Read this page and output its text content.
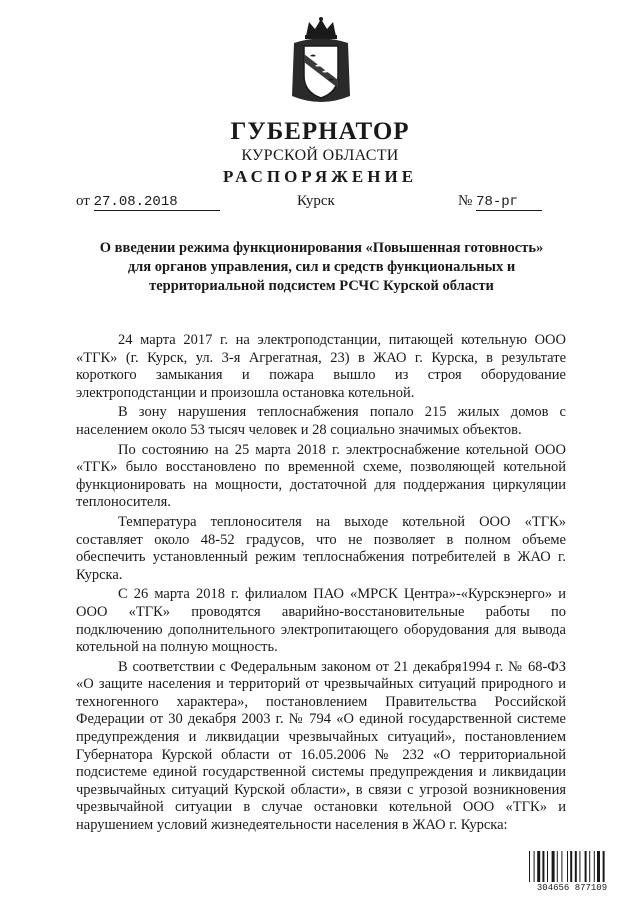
ГУБЕРНАТОР
КУРСКОЙ ОБЛАСТИ
РАСПОРЯЖЕНИЕ
от 27.08.2018	Курск	№ 78-рг
О введении режима функционирования «Повышенная готовность» для органов управления, сил и средств функциональных и территориальной подсистем РСЧС Курской области

24 марта 2017 г. на электроподстанции, питающей котельную ООО «ТГК» (г. Курск, ул. 3-я Агрегатная, 23) в ЖАО г. Курска, в результате короткого замыкания и пожара вышло из строя оборудование электроподстанции и произошла остановка котельной.

В зону нарушения теплоснабжения попало 215 жилых домов с населением около 53 тысяч человек и 28 социально значимых объектов.

По состоянию на 25 марта 2018 г. электроснабжение котельной ООО «ТГК» было восстановлено по временной схеме, позволяющей котельной функционировать на мощности, достаточной для поддержания циркуляции теплоносителя.

Температура теплоносителя на выходе котельной ООО «ТГК» составляет около 48-52 градусов, что не позволяет в полном объеме обеспечить установленный режим теплоснабжения потребителей в ЖАО г. Курска.

С 26 марта 2018 г. филиалом ПАО «МРСК Центра»-«Курскэнерго» и ООО «ТГК» проводятся аварийно-восстановительные работы по подключению дополнительного электропитающего оборудования для вывода котельной на полную мощность.

В соответствии с Федеральным законом от 21 декабря1994 г. № 68-ФЗ «О защите населения и территорий от чрезвычайных ситуаций природного и техногенного характера», постановлением Правительства Российской Федерации от 30 декабря 2003 г. № 794 «О единой государственной системе предупреждения и ликвидации чрезвычайных ситуаций», постановлением Губернатора Курской области от 16.05.2006 № 232 «О территориальной подсистеме единой государственной системы предупреждения и ликвидации чрезвычайных ситуаций Курской области», в связи с угрозой возникновения чрезвычайной ситуации в случае остановки котельной ООО «ТГК» и нарушением условий жизнедеятельности населения в ЖАО г. Курска:

304656 877109
